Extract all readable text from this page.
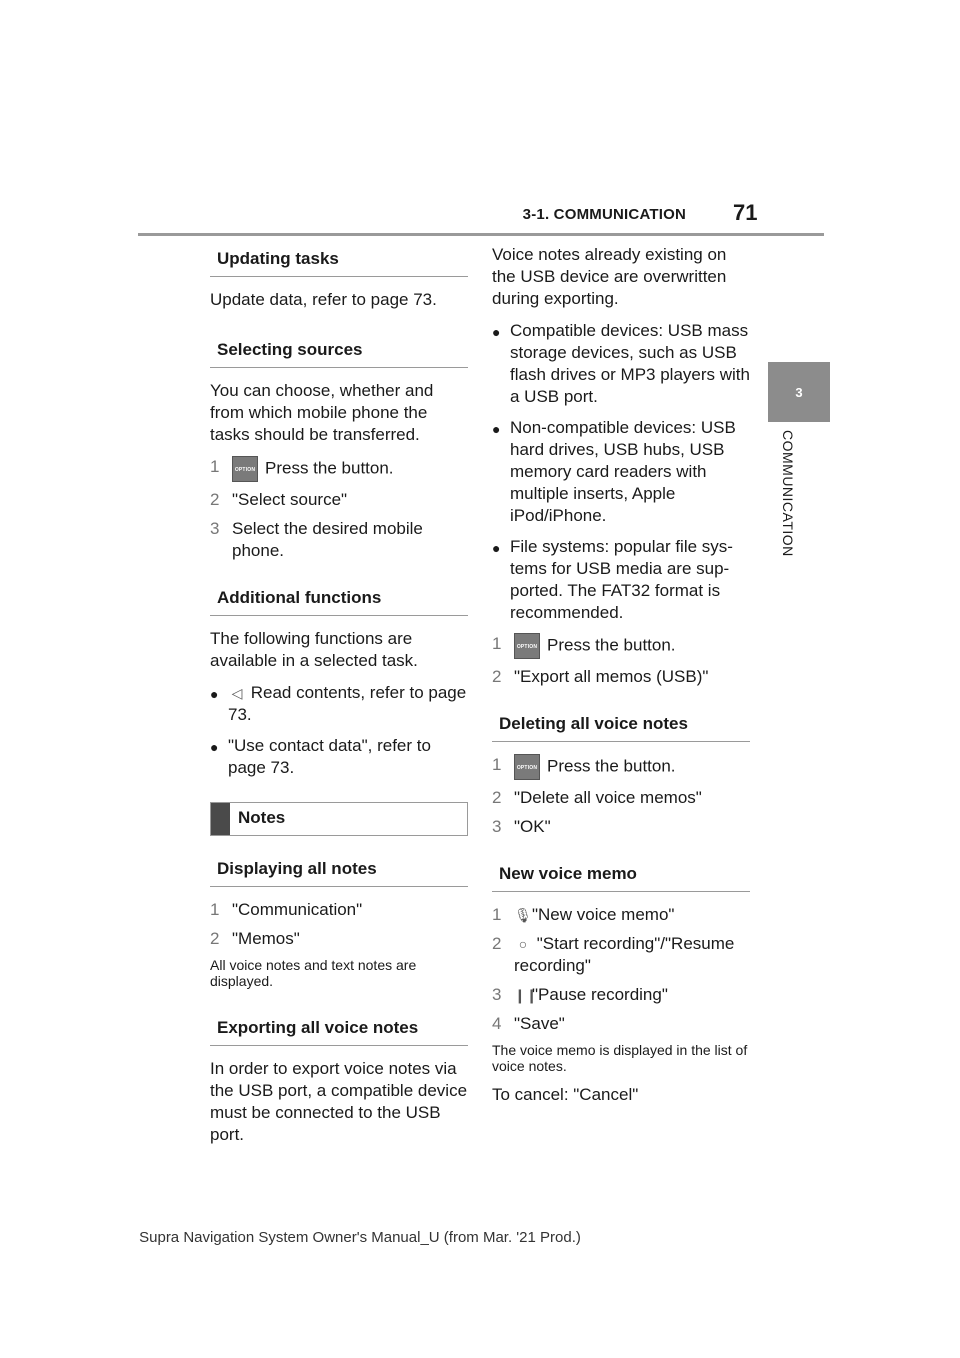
3-1. COMMUNICATION 71
3
COMMUNICATION
Updating tasks
Update data, refer to page 73.
Selecting sources
You can choose, whether and from which mobile phone the tasks should be transferred.
1	OPTION Press the button.
2 "Select source"
3 Select the desired mobile phone.
Additional functions
The following functions are available in a selected task.
● ◁ Read contents, refer to page 73.
● "Use contact data", refer to page 73.
Notes
Displaying all notes
1 "Communication"
2 "Memos"
All voice notes and text notes are displayed.
Exporting all voice notes
In order to export voice notes via the USB port, a compatible device must be connected to the USB port.
Voice notes already existing on the USB device are overwritten during exporting.
● Compatible devices: USB mass storage devices, such as USB flash drives or MP3 players with a USB port.
● Non-compatible devices: USB hard drives, USB hubs, USB memory card readers with multiple inserts, Apple iPod/iPhone.
● File systems: popular file sys-tems for USB media are sup-ported. The FAT32 format is recommended.
1	OPTION Press the button.
2 "Export all memos (USB)"
Deleting all voice notes
1	OPTION Press the button.
2 "Delete all voice memos"
3 "OK"
New voice memo
1 🎙"New voice memo"
2	○ "Start recording"/"Resume recording"
3 ❙❙"Pause recording"
4 "Save"
The voice memo is displayed in the list of voice notes.
To cancel: "Cancel"
Supra Navigation System Owner's Manual_U (from Mar. '21 Prod.)
